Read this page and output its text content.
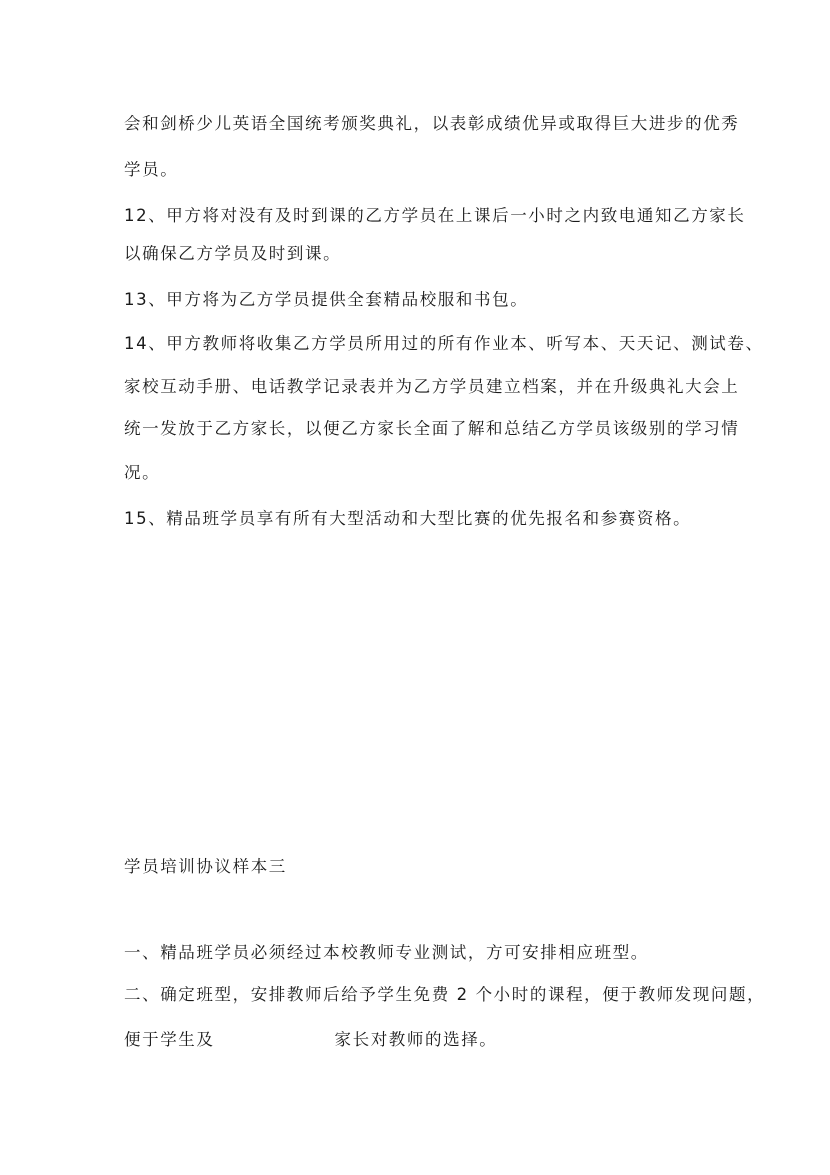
会和剑桥少儿英语全国统考颁奖典礼，以表彰成绩优异或取得巨大进步的优秀
学员。
12、甲方将对没有及时到课的乙方学员在上课后一小时之内致电通知乙方家长
以确保乙方学员及时到课。
13、甲方将为乙方学员提供全套精品校服和书包。
14、甲方教师将收集乙方学员所用过的所有作业本、听写本、天天记、测试卷、
家校互动手册、电话教学记录表并为乙方学员建立档案，并在升级典礼大会上
统一发放于乙方家长，以便乙方家长全面了解和总结乙方学员该级别的学习情
况。
15、精品班学员享有所有大型活动和大型比赛的优先报名和参赛资格。
学员培训协议样本三
一、精品班学员必须经过本校教师专业测试，方可安排相应班型。
二、确定班型，安排教师后给予学生免费 2 个小时的课程，便于教师发现问题，
便于学生及	家长对教师的选择。
